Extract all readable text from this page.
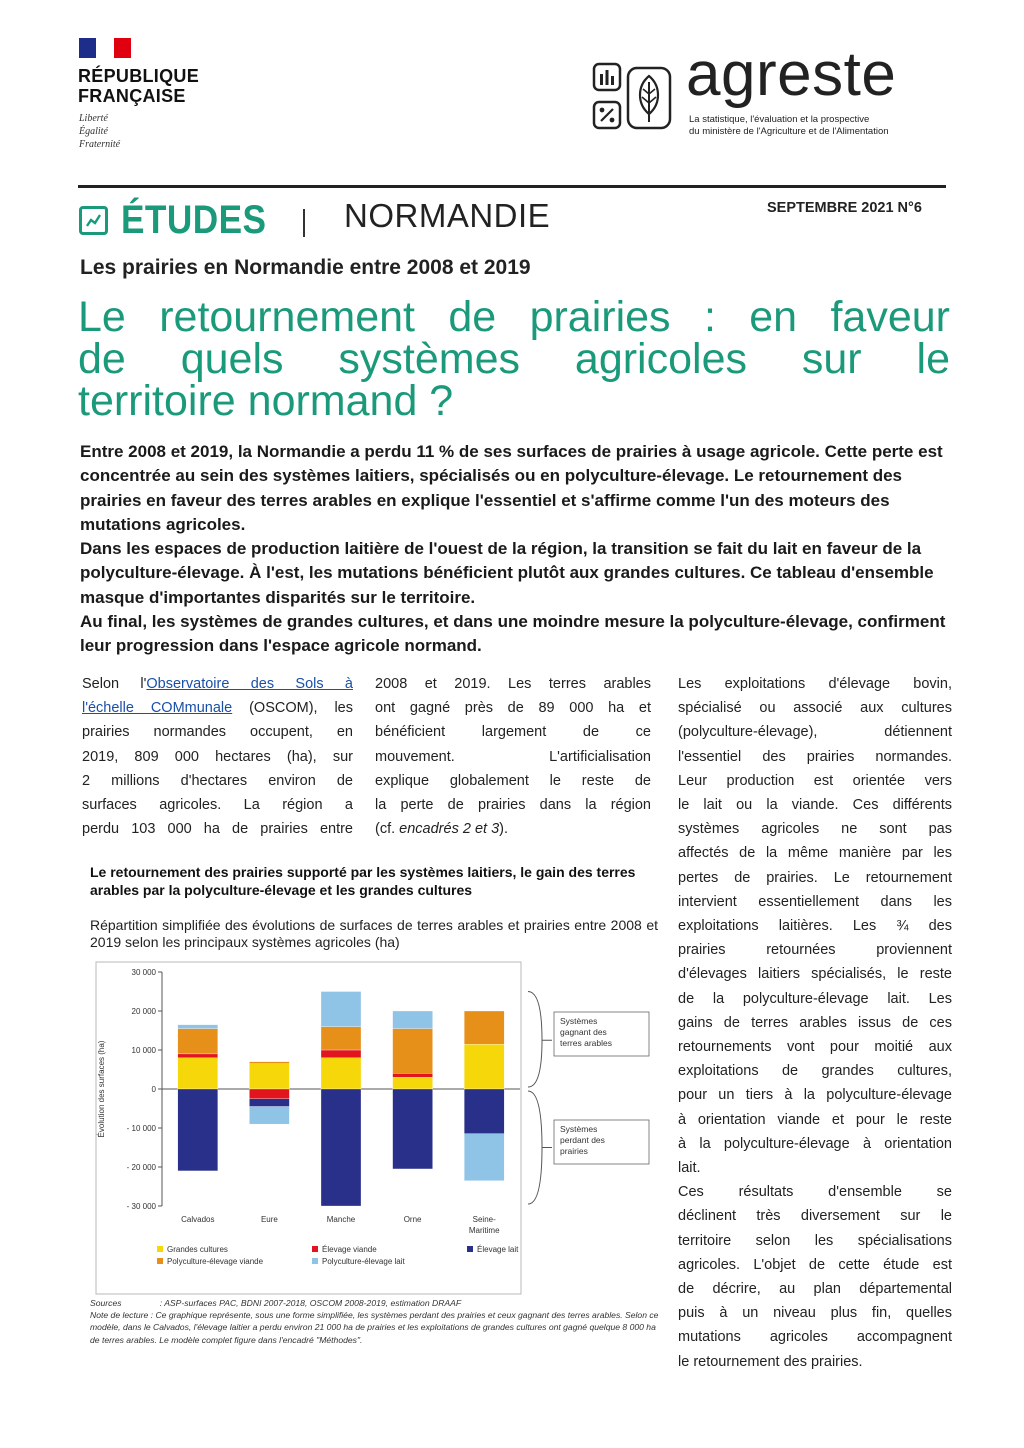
RÉPUBLIQUE
FRANÇAISE
Liberté
Égalité
Fraternité
agreste
La statistique, l'évaluation et la prospective
du ministère de l'Agriculture et de l'Alimentation
ÉTUDES NORMANDIE	SEPTEMBRE 2021 N°6
Les prairies en Normandie entre 2008 et 2019
Le retournement de prairies : en faveur
de quels systèmes agricoles sur le
territoire normand ?

Entre 2008 et 2019, la Normandie a perdu 11 % de ses surfaces de prairies à usage agricole. Cette perte est concentrée au sein des systèmes laitiers, spécialisés ou en polyculture-élevage. Le retournement des prairies en faveur des terres arables en explique l'essentiel et s'affirme comme l'un des moteurs des mutations agricoles.

Dans les espaces de production laitière de l'ouest de la région, la transition se fait du lait en faveur de la polyculture-élevage. À l'est, les mutations bénéficient plutôt aux grandes cultures. Ce tableau d'ensemble masque d'importantes disparités sur le territoire.

Au final, les systèmes de grandes cultures, et dans une moindre mesure la polyculture-élevage, confirment leur progression dans l'espace agricole normand.

Selon l'Observatoire des Sols à
l'échelle COMmunale (OSCOM), les
prairies normandes occupent, en
2019, 809 000 hectares (ha), sur
2 millions d'hectares environ de
surfaces agricoles. La région a
perdu 103 000 ha de prairies entre
2008 et 2019. Les terres arables
ont gagné près de 89 000 ha et
bénéficient largement de ce
mouvement. L'artificialisation
explique globalement le reste de
la perte de prairies dans la région
(cf. encadrés 2 et 3).
Les exploitations d'élevage bovin,
spécialisé ou associé aux cultures
(polyculture-élevage), détiennent
l'essentiel des prairies normandes.
Leur production est orientée vers
le lait ou la viande. Ces différents
systèmes agricoles ne sont pas
affectés de la même manière par les
pertes de prairies. Le retournement
intervient essentiellement dans les
exploitations laitières. Les ¾ des
prairies retournées proviennent
d'élevages laitiers spécialisés, le reste
de la polyculture-élevage lait. Les
gains de terres arables issus de ces
retournements vont pour moitié aux
exploitations de grandes cultures,
pour un tiers à la polyculture-élevage
à orientation viande et pour le reste
à la polyculture-élevage à orientation
lait.
Ces résultats d'ensemble se
déclinent très diversement sur le
territoire selon les spécialisations
agricoles. L'objet de cette étude est
de décrire, au plan départemental
puis à un niveau plus fin, quelles
mutations agricoles accompagnent
le retournement des prairies.
Le retournement des prairies supporté par les systèmes laitiers, le gain des terres arables par la polyculture-élevage et les grandes cultures
Répartition simplifiée des évolutions de surfaces de terres arables et prairies entre 2008 et 2019 selon les principaux systèmes agricoles (ha)
30 000
20 000
10 000
0
- 10 000
- 20 000
- 30 000
Évolution des surfaces (ha)
Calvados	Eure	Manche	Orne	Seine-Maritime
Systèmes
gagnant des
terres arables
Systèmes
perdant des
prairies
Grandes cultures	Élevage viande	Élevage lait
Polyculture-élevage viande	Polyculture-élevage lait

Sources	: ASP-surfaces PAC, BDNI 2007-2018, OSCOM 2008-2019, estimation DRAAF

Note de lecture : Ce graphique représente, sous une forme simplifiée, les systèmes perdant des prairies et ceux gagnant des terres arables. Selon ce modèle, dans le Calvados, l'élevage laitier a perdu environ 21 000 ha de prairies et les exploitations de grandes cultures ont gagné quelque 8 000 ha de terres arables. Le modèle complet figure dans l'encadré "Méthodes".
